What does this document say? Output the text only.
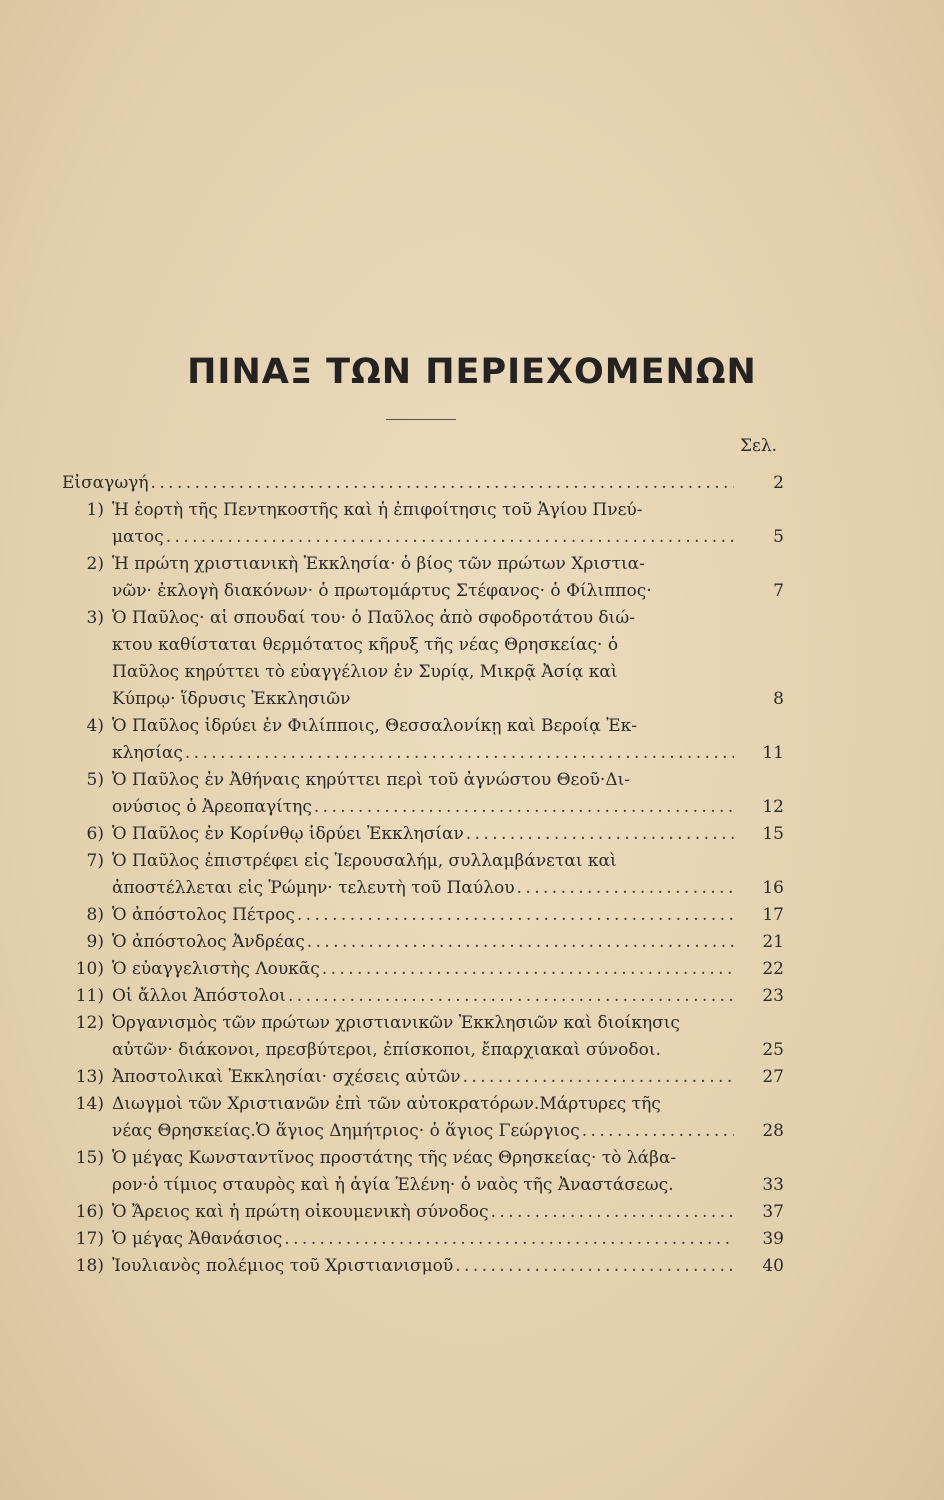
ΠΙΝΑΞ ΤΩΝ ΠΕΡΙΕΧΟΜΕΝΩΝ
Σελ.
Εἰσαγωγή . . .	2
1) Ἡ ἑορτὴ τῆς Πεντηκοστῆς καὶ ἡ ἐπιφοίτησις τοῦ Ἁγίου Πνεύ-
ματος . . .	5
2) Ἡ πρώτη χριστιανικὴ Ἐκκλησία· ὁ βίος τῶν πρώτων Χριστια-
νῶν· ἐκλογὴ διακόνων· ὁ πρωτομάρτυς Στέφανος· ὁ Φίλιππος·	7
3) Ὁ Παῦλος· αἱ σπουδαί του· ὁ Παῦλος ἀπὸ σφοδροτάτου διώ-
κτου καθίσταται θερμότατος κῆρυξ τῆς νέας Θρησκείας· ὁ
Παῦλος κηρύττει τὸ εὐαγγέλιον ἐν Συρίᾳ, Μικρᾷ Ἀσίᾳ καὶ
Κύπρῳ· ἵδρυσις Ἐκκλησιῶν	8
4) Ὁ Παῦλος ἱδρύει ἐν Φιλίπποις, Θεσσαλονίκῃ καὶ Βεροίᾳ Ἐκ-
κλησίας . . .	11
5) Ὁ Παῦλος ἐν Ἀθήναις κηρύττει περὶ τοῦ ἀγνώστου Θεοῦ·Δι-
ονύσιος ὁ Ἀρεοπαγίτης . . .	12
6) Ὁ Παῦλος ἐν Κορίνθῳ ἱδρύει Ἐκκλησίαν . . .	15
7) Ὁ Παῦλος ἐπιστρέφει εἰς Ἱερουσαλήμ, συλλαμβάνεται καὶ
ἀποστέλλεται εἰς Ῥώμην· τελευτὴ τοῦ Παύλου . . .	16
8) Ὁ ἀπόστολος Πέτρος . . .	17
9) Ὁ ἀπόστολος Ἀνδρέας . . .	21
10) Ὁ εὐαγγελιστὴς Λουκᾶς . . .	22
11) Οἱ ἄλλοι Ἀπόστολοι . . .	23
12) Ὀργανισμὸς τῶν πρώτων χριστιανικῶν Ἐκκλησιῶν καὶ διοίκησις
αὐτῶν· διάκονοι, πρεσβύτεροι, ἐπίσκοποι, ἔπαρχιακαὶ σύνοδοι.	25
13) Ἀποστολικαὶ Ἐκκλησίαι· σχέσεις αὐτῶν . . .	27
14) Διωγμοὶ τῶν Χριστιανῶν ἐπὶ τῶν αὐτοκρατόρων.Μάρτυρες τῆς
νέας Θρησκείας.Ὁ ἅγιος Δημήτριος· ὁ ἅγιος Γεώργιος . . .	28
15) Ὁ μέγας Κωνσταντῖνος προστάτης τῆς νέας Θρησκείας· τὸ λάβα-
ρον·ὁ τίμιος σταυρὸς καὶ ἡ ἁγία Ἑλένη· ὁ ναὸς τῆς Ἀναστάσεως.	33
16) Ὁ Ἄρειος καὶ ἡ πρώτη οἰκουμενικὴ σύνοδος . . .	37
17) Ὁ μέγας Ἀθανάσιος . . .	39
18) Ἰουλιανὸς πολέμιος τοῦ Χριστιανισμοῦ . . .	40
